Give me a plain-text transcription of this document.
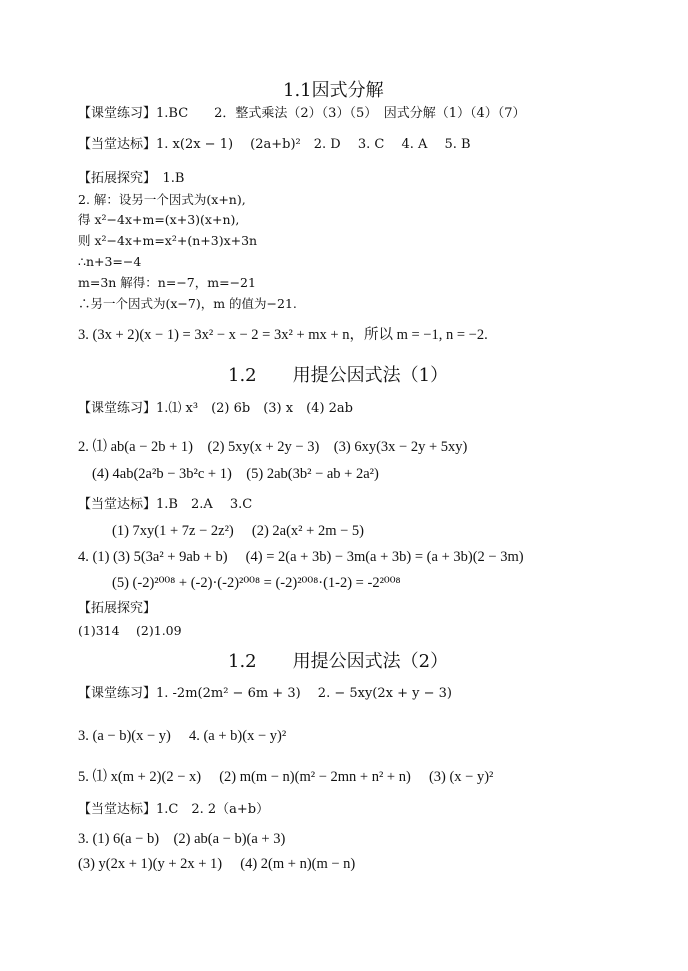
1.1因式分解
【课堂练习】1.BC　　2．整式乘法（2）（3）（5）　因式分解（1）（4）（7）
【当堂达标】1. x(2x − 1)　 (2a+b)²　2. D　 3. C　 4. A　 5. B
【拓展探究】　1.B
2. 解：设另一个因式为(x+n),
得 x²−4x+m=(x+3)(x+n),
则 x²−4x+m=x²+(n+3)x+3n
∴n+3=−4
m=3n 解得：n=−7，m=−21
∴另一个因式为(x−7)，m 的值为−21.
3. (3x + 2)(x − 1) = 3x² − x − 2 = 3x² + mx + n，所以 m = −1, n = −2.
1.2　　用提公因式法（1）
【课堂练习】1.⑴ x³　(2) 6b　(3) x　(4) 2ab
2. ⑴ ab(a − 2b + 1)　(2) 5xy(x + 2y − 3)　(3) 6xy(3x − 2y + 5xy)
(4) 4ab(2a²b − 3b²c + 1)　(5) 2ab(3b² − ab + 2a²)
【当堂达标】1.B　2.A　 3.C
(1) 7xy(1 + 7z − 2z²)　 (2) 2a(x² + 2m − 5)
4. (1) (3) 5(3a² + 9ab + b)　 (4) = 2(a + 3b) − 3m(a + 3b) = (a + 3b)(2 − 3m)
(5) (-2)²⁰⁰⁸ + (-2)·(-2)²⁰⁰⁸ = (-2)²⁰⁰⁸·(1-2) = -2²⁰⁰⁸
【拓展探究】
(1)314　 (2)1.09
1.2　　用提公因式法（2）
【课堂练习】1. -2m(2m² − 6m + 3)　 2. − 5xy(2x + y − 3)
3. (a − b)(x − y)　 4. (a + b)(x − y)²
5. ⑴ x(m + 2)(2 − x)　 (2) m(m − n)(m² − 2mn + n² + n)　 (3) (x − y)²
【当堂达标】1.C　2. 2（a+b）
3. (1) 6(a − b)　(2) ab(a − b)(a + 3)
(3) y(2x + 1)(y + 2x + 1)　 (4) 2(m + n)(m − n)
